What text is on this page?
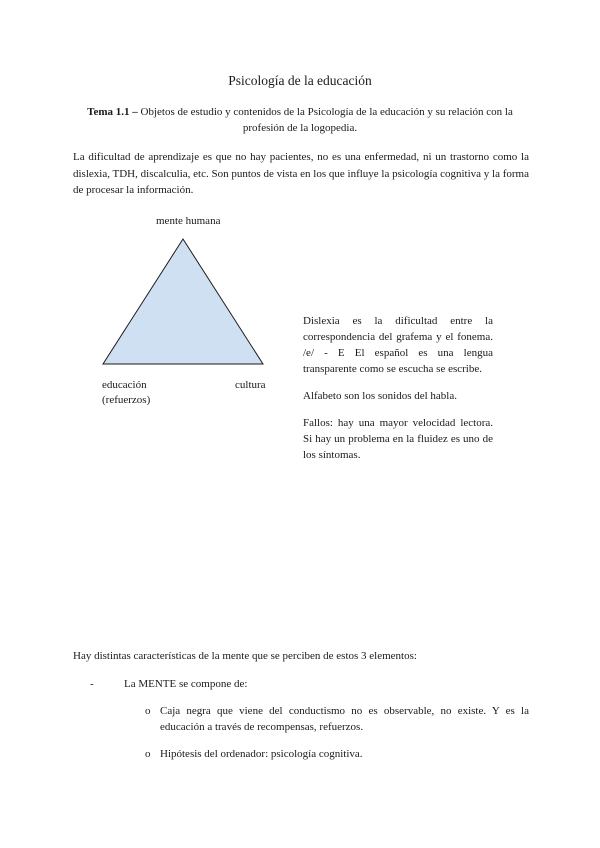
Psicología de la educación
Tema 1.1 – Objetos de estudio y contenidos de la Psicología de la educación y su relación con la profesión de la logopedia.
La dificultad de aprendizaje es que no hay pacientes, no es una enfermedad, ni un trastorno como la dislexia, TDH, discalculia, etc. Son puntos de vista en los que influye la psicología cognitiva y la forma de procesar la información.
mente humana
educación
(refuerzos)
cultura

Dislexia es la dificultad entre la correspondencia del grafema y el fonema. /e/ - E El español es una lengua transparente como se escucha se escribe.

Alfabeto son los sonidos del habla.

Fallos: hay una mayor velocidad lectora. Si hay un problema en la fluidez es uno de los síntomas.

Hay distintas características de la mente que se perciben de estos 3 elementos:
-	La MENTE se compone de:
o Caja negra que viene del conductismo no es observable, no existe. Y es la educación a través de recompensas, refuerzos.
o Hipótesis del ordenador: psicología cognitiva.
